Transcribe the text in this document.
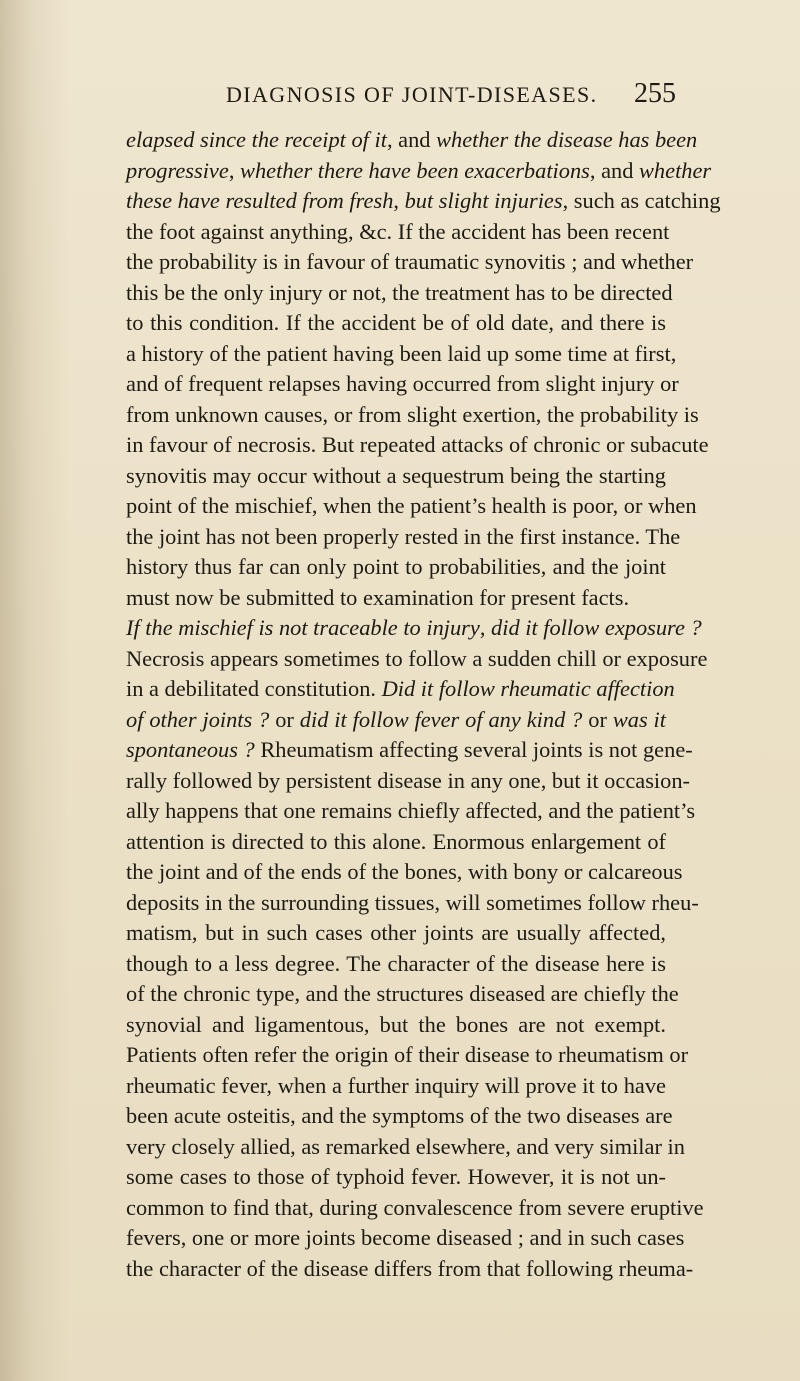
DIAGNOSIS OF JOINT-DISEASES. 255
elapsed since the receipt of it, and whether the disease has been
progressive, whether there have been exacerbations, and whether
these have resulted from fresh, but slight injuries, such as catching
the foot against anything, &c. If the accident has been recent
the probability is in favour of traumatic synovitis ; and whether
this be the only injury or not, the treatment has to be directed
to this condition. If the accident be of old date, and there is
a history of the patient having been laid up some time at first,
and of frequent relapses having occurred from slight injury or
from unknown causes, or from slight exertion, the probability is
in favour of necrosis. But repeated attacks of chronic or subacute
synovitis may occur without a sequestrum being the starting
point of the mischief, when the patient’s health is poor, or when
the joint has not been properly rested in the first instance. The
history thus far can only point to probabilities, and the joint
must now be submitted to examination for present facts.
If the mischief is not traceable to injury, did it follow exposure ?
Necrosis appears sometimes to follow a sudden chill or exposure
in a debilitated constitution. Did it follow rheumatic affection
of other joints ? or did it follow fever of any kind ? or was it
spontaneous ? Rheumatism affecting several joints is not gene-
rally followed by persistent disease in any one, but it occasion-
ally happens that one remains chiefly affected, and the patient’s
attention is directed to this alone. Enormous enlargement of
the joint and of the ends of the bones, with bony or calcareous
deposits in the surrounding tissues, will sometimes follow rheu-
matism, but in such cases other joints are usually affected,
though to a less degree. The character of the disease here is
of the chronic type, and the structures diseased are chiefly the
synovial and ligamentous, but the bones are not exempt.
Patients often refer the origin of their disease to rheumatism or
rheumatic fever, when a further inquiry will prove it to have
been acute osteitis, and the symptoms of the two diseases are
very closely allied, as remarked elsewhere, and very similar in
some cases to those of typhoid fever. However, it is not un-
common to find that, during convalescence from severe eruptive
fevers, one or more joints become diseased ; and in such cases
the character of the disease differs from that following rheuma-
